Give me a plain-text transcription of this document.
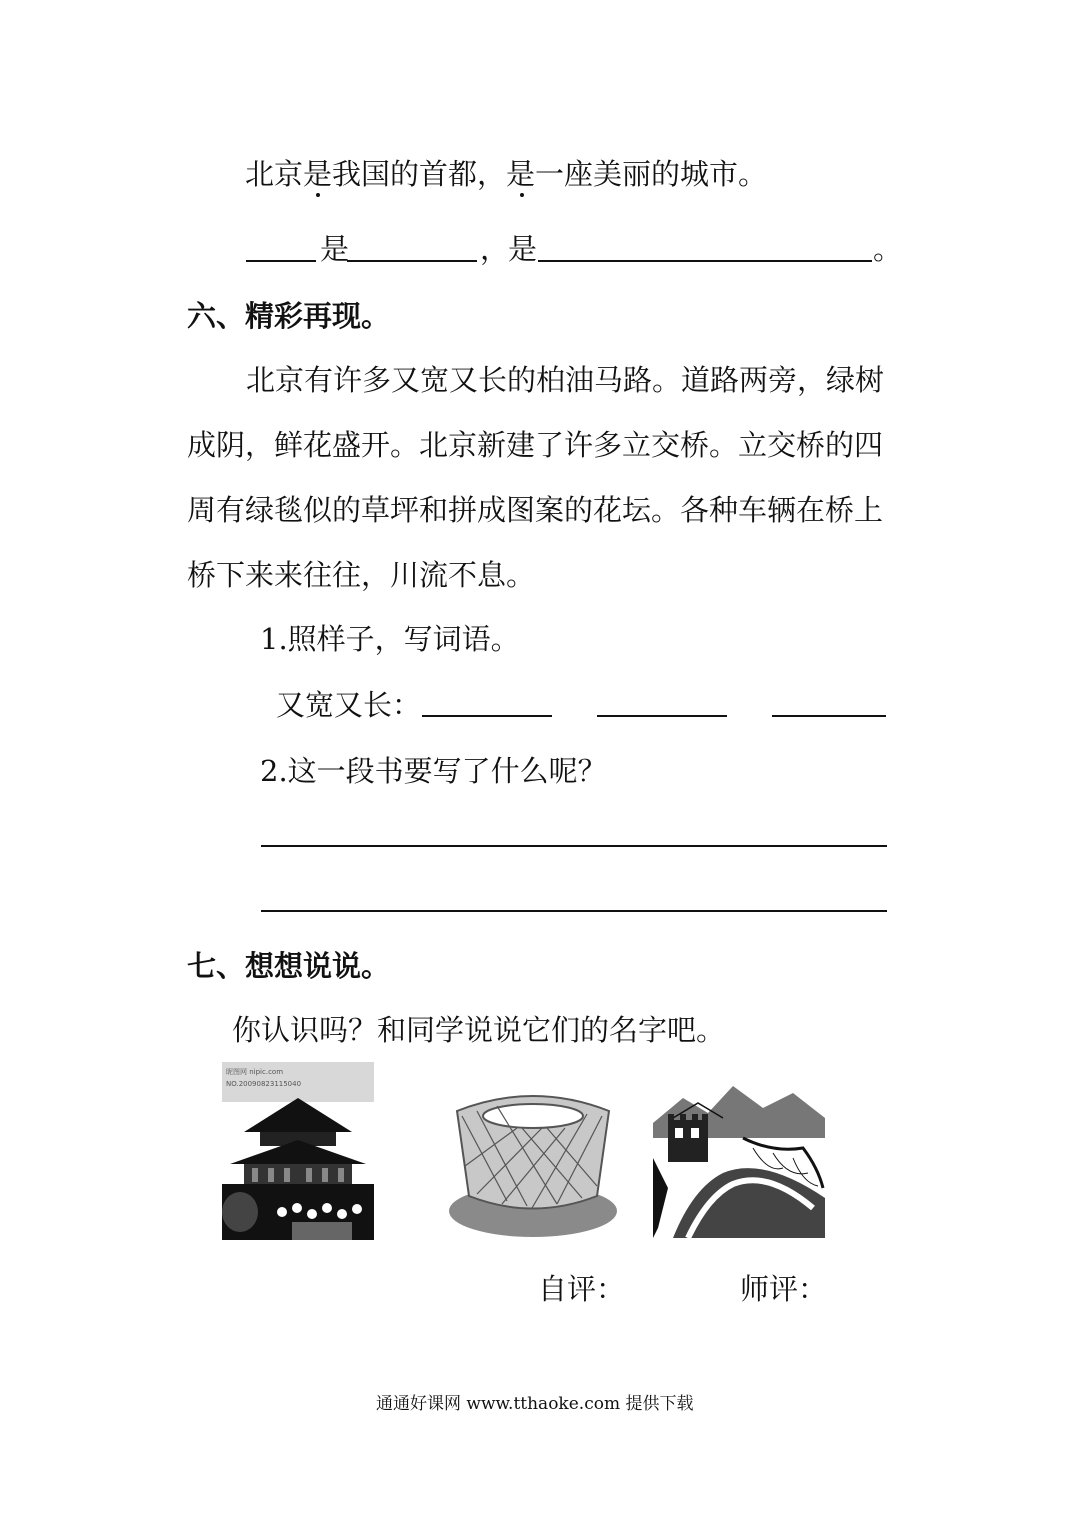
北京是我国的首都，是一座美丽的城市。
是	，
是	。
六、精彩再现。
北京有许多又宽又长的柏油马路。道路两旁，绿树
成阴，鲜花盛开。北京新建了许多立交桥。立交桥的四
周有绿毯似的草坪和拼成图案的花坛。各种车辆在桥上
桥下来来往往，川流不息。
1.照样子，写词语。
又宽又长：
2.这一段书要写了什么呢？
七、想想说说。
你认识吗？和同学说说它们的名字吧。
昵图网 nipic.com
NO.20090823115040
自评：	师评：
通通好课网 www.tthaoke.com 提供下载
